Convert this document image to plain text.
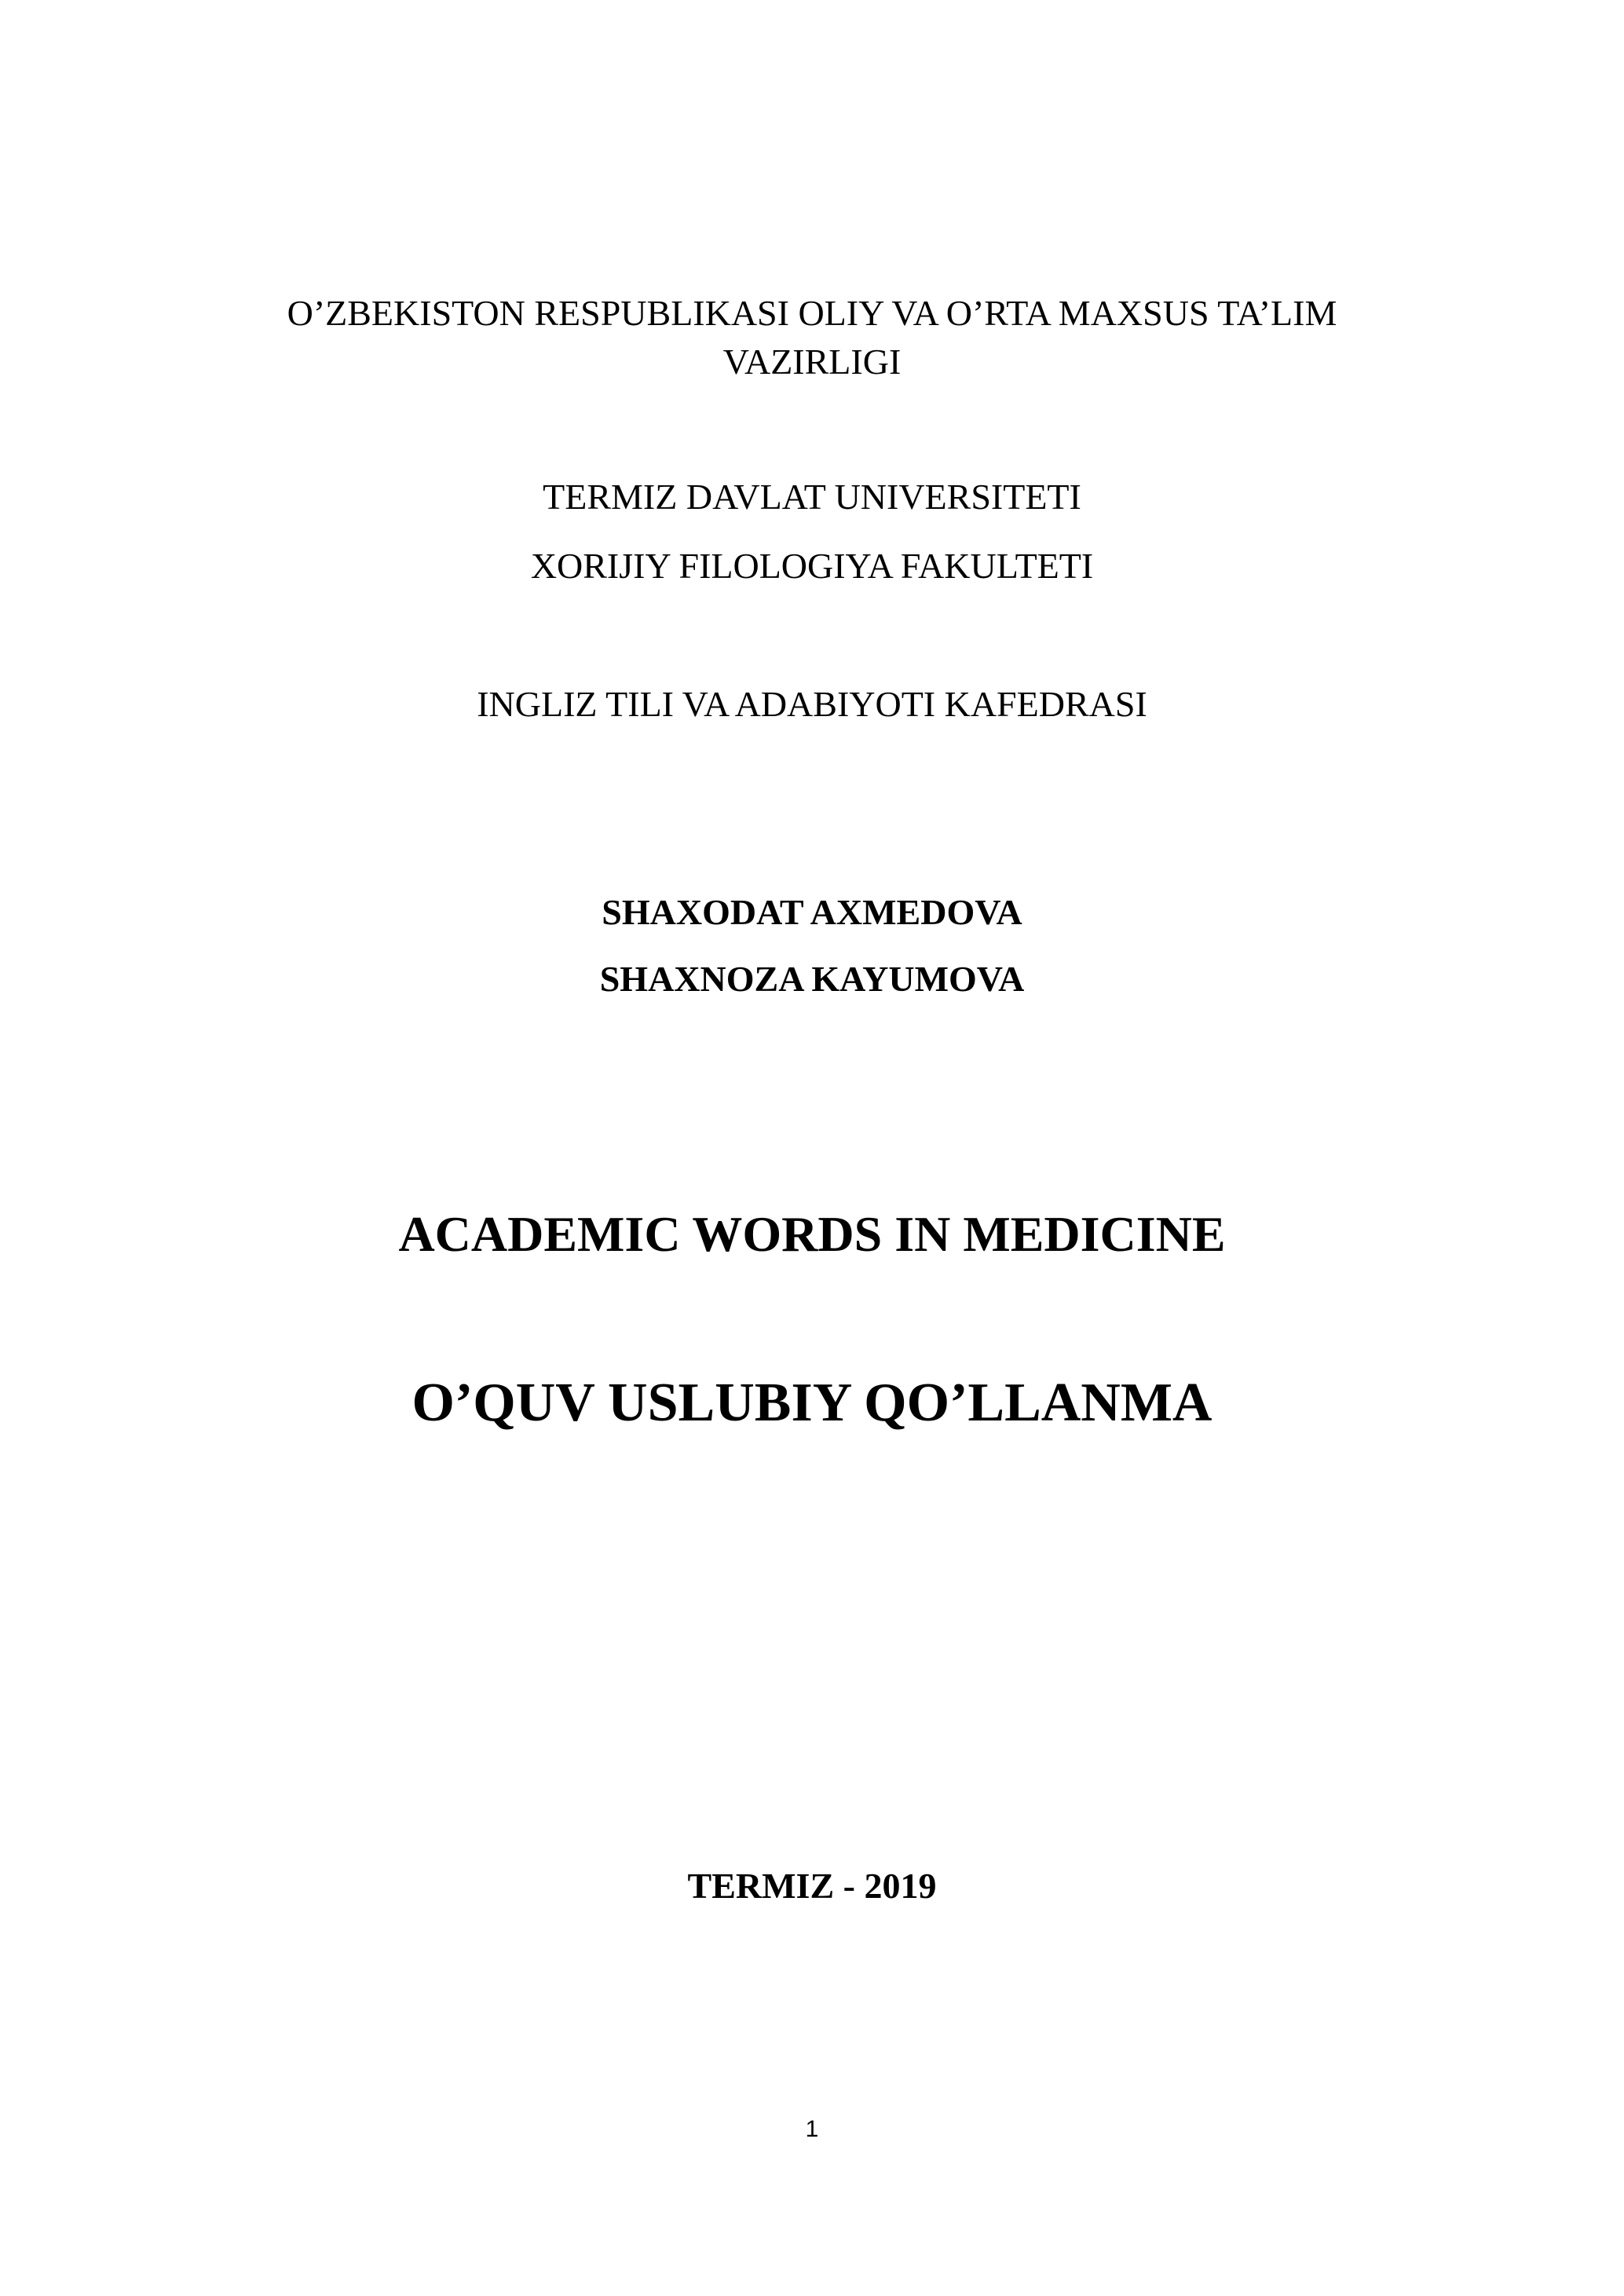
O’ZBEKISTON RESPUBLIKASI OLIY VA O’RTA MAXSUS TA’LIM

VAZIRLIGI

TERMIZ DAVLAT UNIVERSITETI

XORIJIY FILOLOGIYA FAKULTETI

INGLIZ TILI VA ADABIYOTI KAFEDRASI

SHAXODAT AXMEDOVA

SHAXNOZA KAYUMOVA

ACADEMIC WORDS IN MEDICINE

O’QUV USLUBIY QO’LLANMA

TERMIZ - 2019

1
